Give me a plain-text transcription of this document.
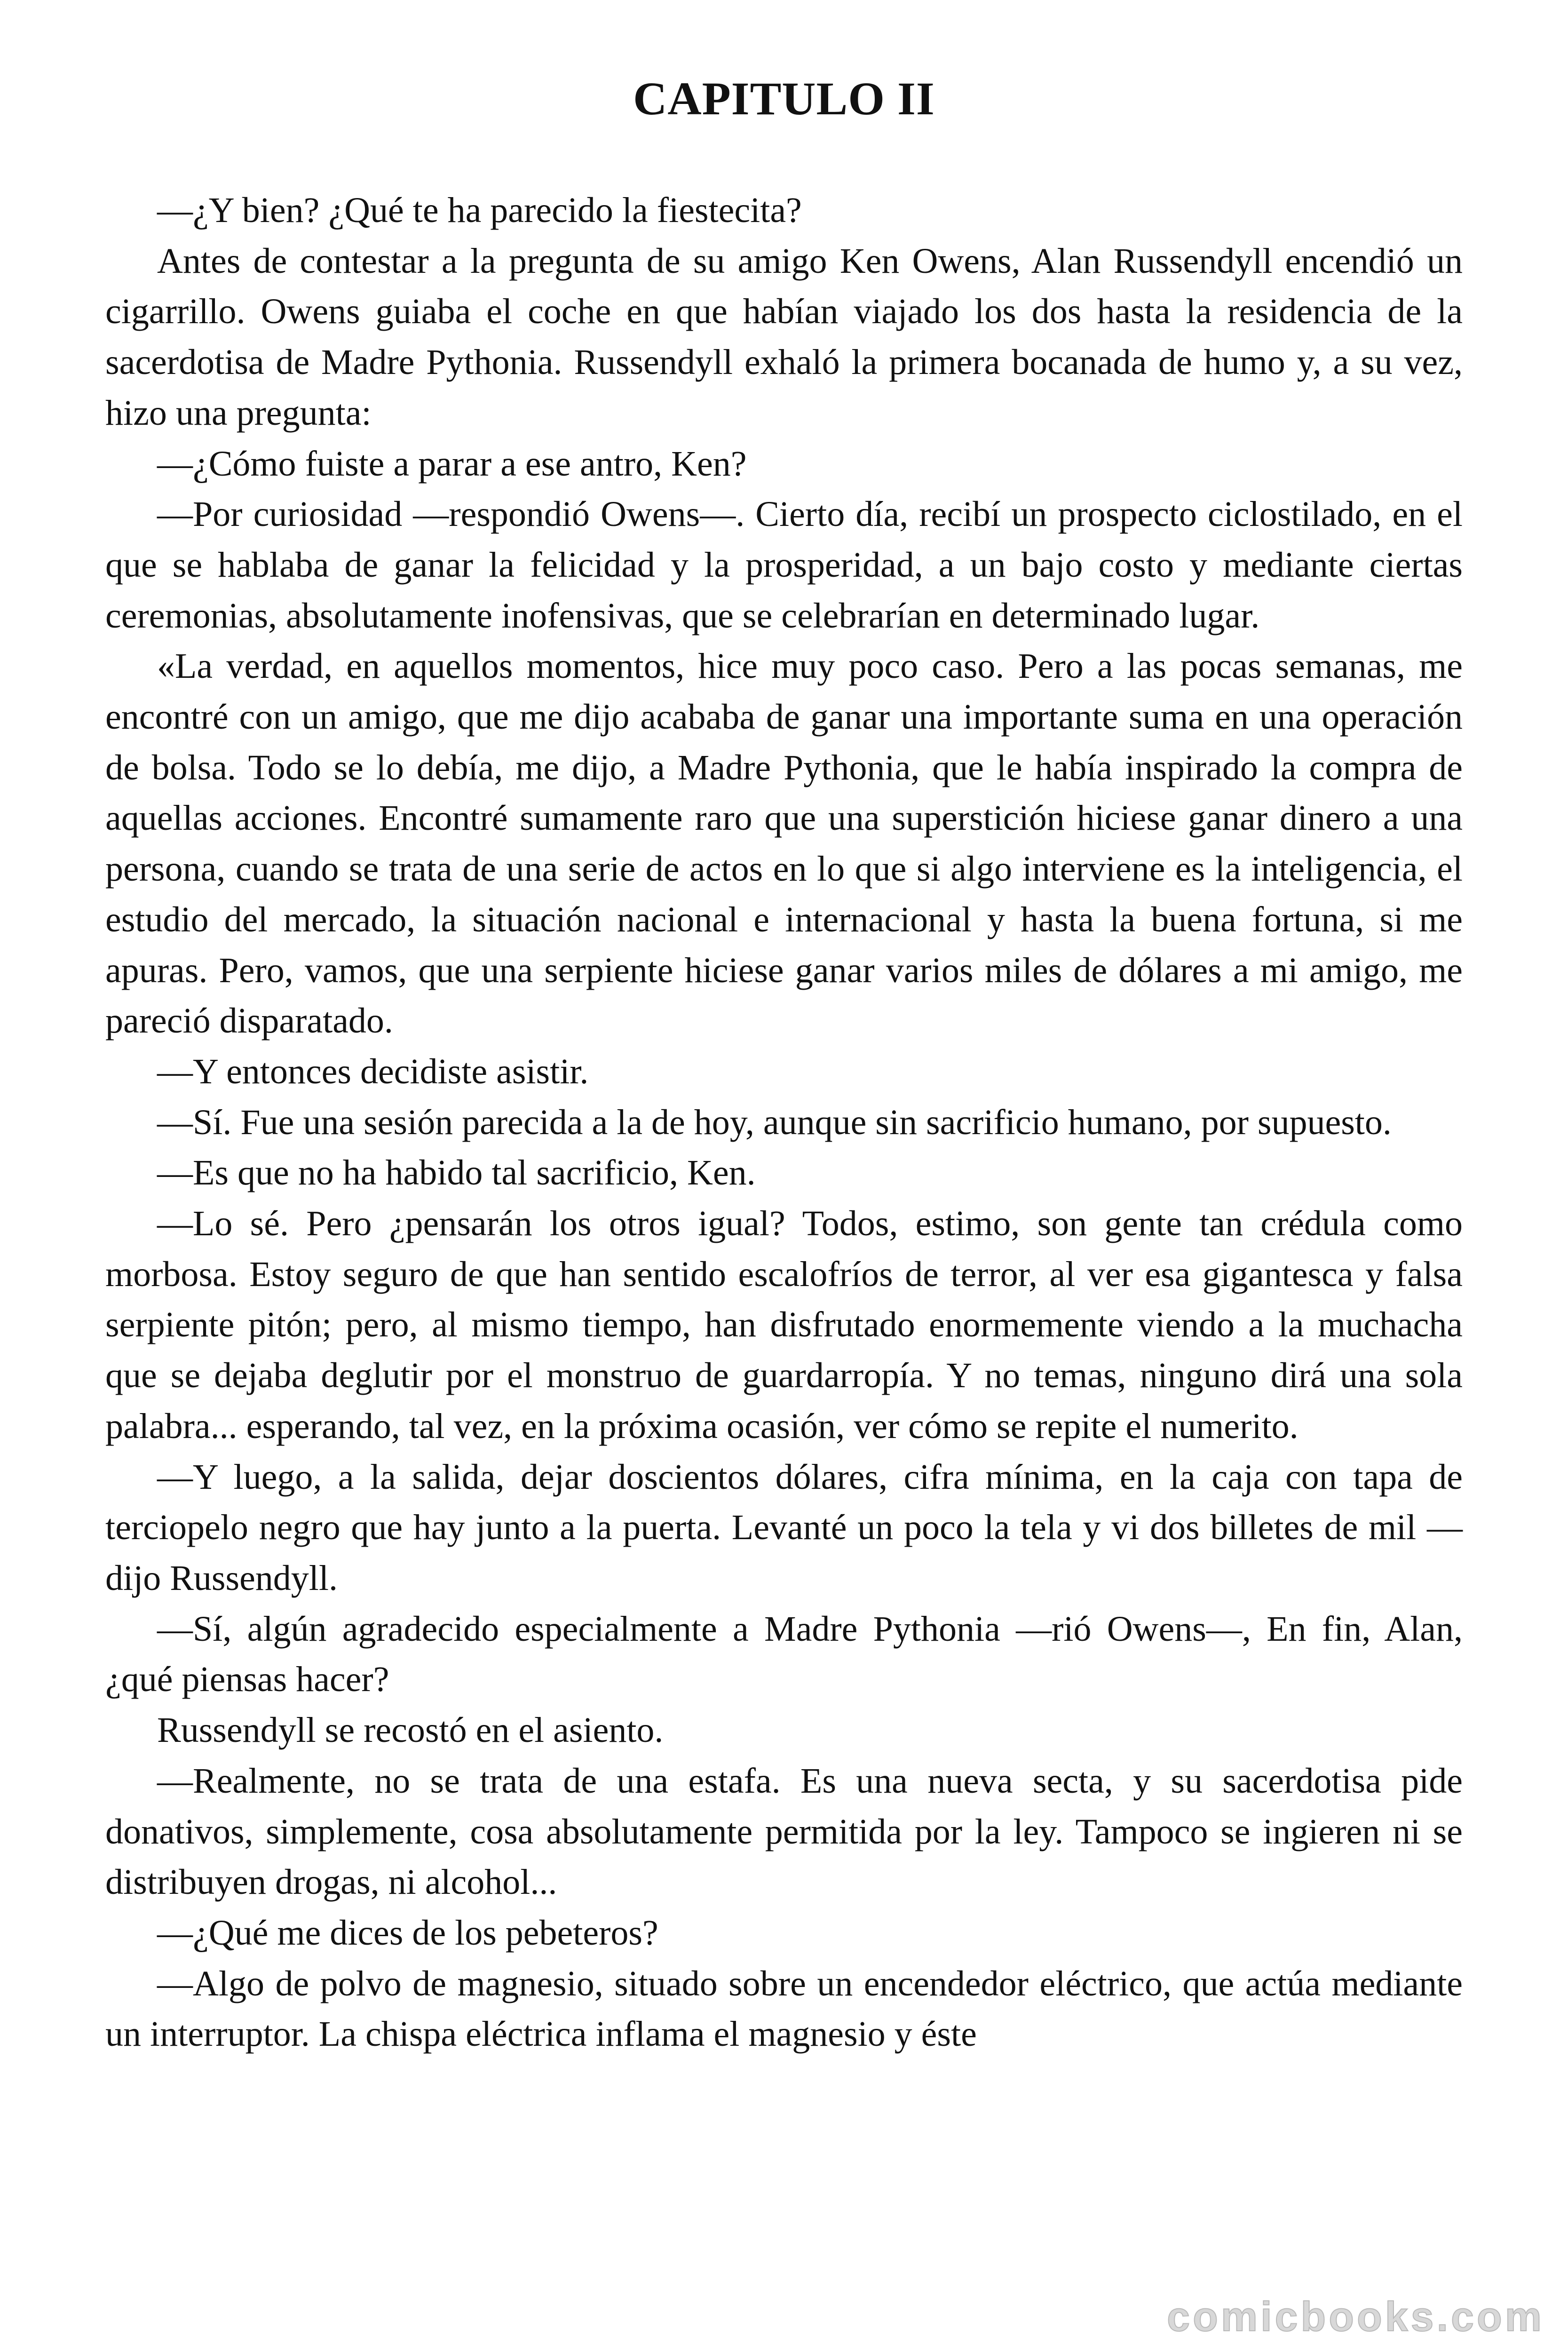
CAPITULO II

—¿Y bien? ¿Qué te ha parecido la fiestecita?

Antes de contestar a la pregunta de su amigo Ken Owens, Alan Russendyll encendió un cigarrillo. Owens guiaba el coche en que habían viajado los dos hasta la residencia de la sacerdotisa de Madre Pythonia. Russendyll exhaló la primera bocanada de humo y, a su vez, hizo una pregunta:

—¿Cómo fuiste a parar a ese antro, Ken?

—Por curiosidad —respondió Owens—. Cierto día, recibí un prospecto ciclostilado, en el que se hablaba de ganar la felicidad y la prosperidad, a un bajo costo y mediante ciertas ceremonias, absolutamente inofensivas, que se celebrarían en determinado lugar.

«La verdad, en aquellos momentos, hice muy poco caso. Pero a las pocas semanas, me encontré con un amigo, que me dijo acababa de ganar una importante suma en una operación de bolsa. Todo se lo debía, me dijo, a Madre Pythonia, que le había inspirado la compra de aquellas acciones. Encontré sumamente raro que una superstición hiciese ganar dinero a una persona, cuando se trata de una serie de actos en lo que si algo interviene es la inteligencia, el estudio del mercado, la situación nacional e internacional y hasta la buena fortuna, si me apuras. Pero, vamos, que una serpiente hiciese ganar varios miles de dólares a mi amigo, me pareció disparatado.

—Y entonces decidiste asistir.

—Sí. Fue una sesión parecida a la de hoy, aunque sin sacrificio humano, por supuesto.

—Es que no ha habido tal sacrificio, Ken.

—Lo sé. Pero ¿pensarán los otros igual? Todos, estimo, son gente tan crédula como morbosa. Estoy seguro de que han sentido escalofríos de terror, al ver esa gigantesca y falsa serpiente pitón; pero, al mismo tiempo, han disfrutado enormemente viendo a la muchacha que se dejaba deglutir por el monstruo de guardarropía. Y no temas, ninguno dirá una sola palabra... esperando, tal vez, en la próxima ocasión, ver cómo se repite el numerito.

—Y luego, a la salida, dejar doscientos dólares, cifra mínima, en la caja con tapa de terciopelo negro que hay junto a la puerta. Levanté un poco la tela y vi dos billetes de mil —dijo Russendyll.

—Sí, algún agradecido especialmente a Madre Pythonia —rió Owens—, En fin, Alan, ¿qué piensas hacer?

Russendyll se recostó en el asiento.

—Realmente, no se trata de una estafa. Es una nueva secta, y su sacerdotisa pide donativos, simplemente, cosa absolutamente permitida por la ley. Tampoco se ingieren ni se distribuyen drogas, ni alcohol...

—¿Qué me dices de los pebeteros?

—Algo de polvo de magnesio, situado sobre un encendedor eléctrico, que actúa mediante un interruptor. La chispa eléctrica inflama el magnesio y éste

comicbooks.com
